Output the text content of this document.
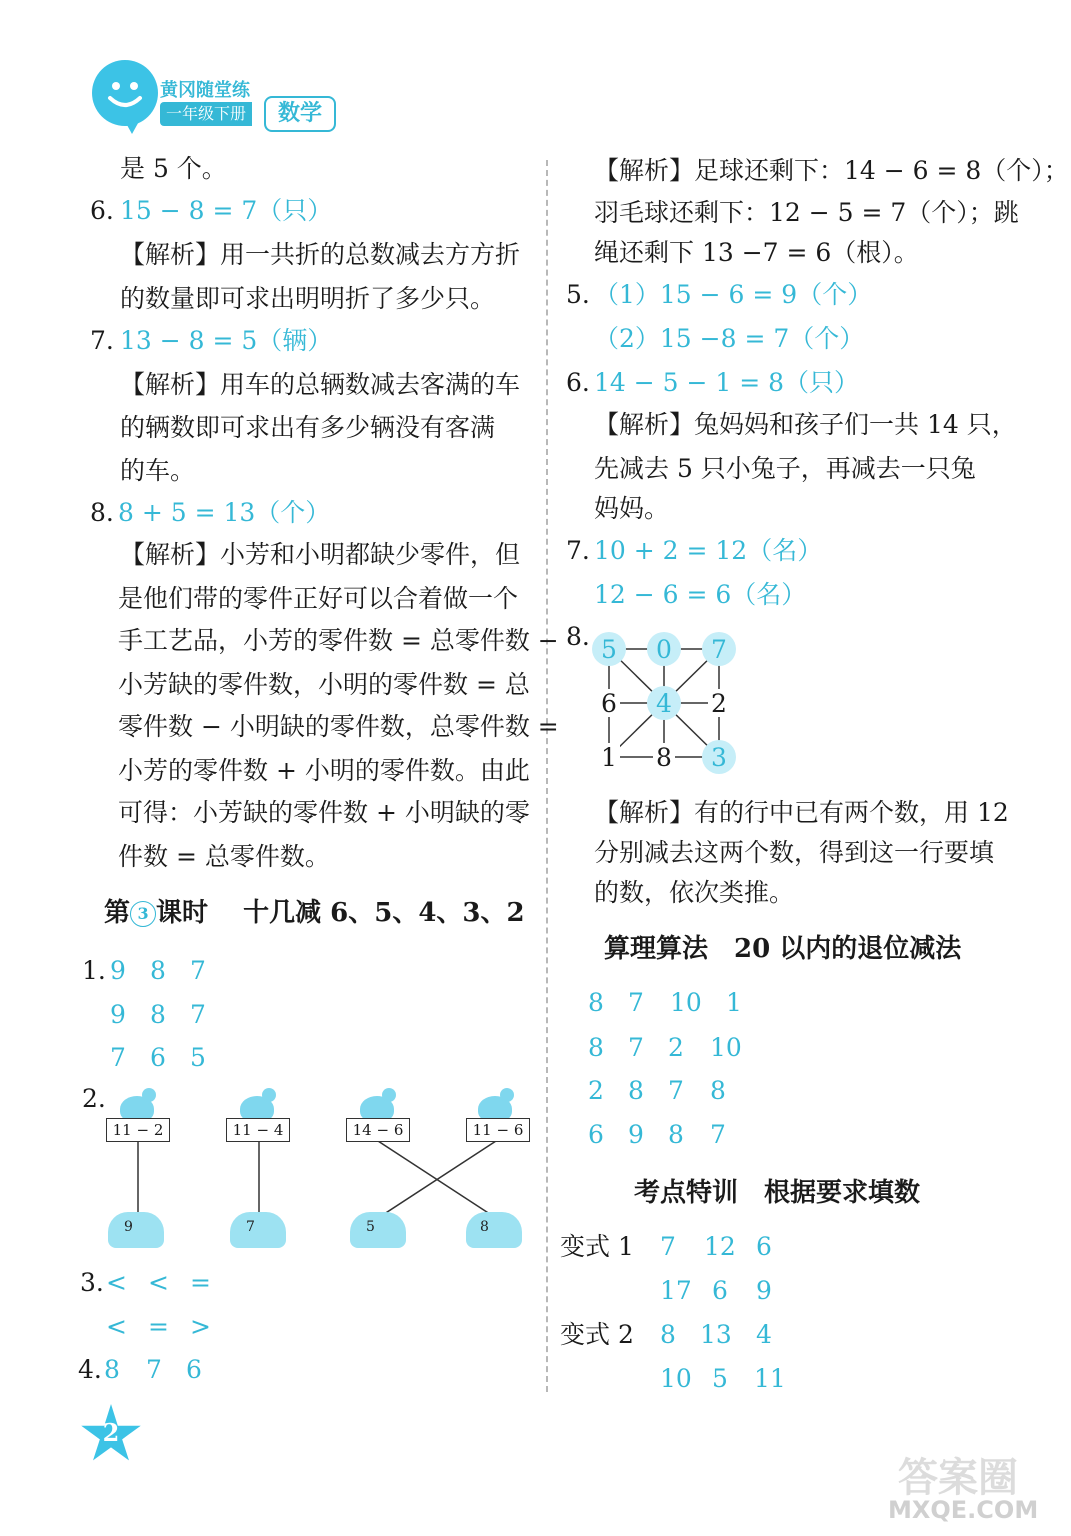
黄冈随堂练
一年级下册	数学
是 5 个。
6. 15 − 8 = 7（只）
【解析】用一共折的总数减去方方折
的数量即可求出明明折了多少只。
7. 13 − 8 = 5（辆）
【解析】用车的总辆数减去客满的车
的辆数即可求出有多少辆没有客满
的车。
8. 8 + 5 = 13（个）
【解析】小芳和小明都缺少零件，但
是他们带的零件正好可以合着做一个
手工艺品，小芳的零件数 = 总零件数 −
小芳缺的零件数，小明的零件数 = 总
零件数 − 小明缺的零件数，总零件数 =
小芳的零件数 + 小明的零件数。由此
可得：小芳缺的零件数 + 小明缺的零
件数 = 总零件数。
第 3 课时 十几减 6、5、4、3、2
1. 9 8 7
9 8 7
7 6 5
2.
11 − 2	11 − 4	14 − 6	11 − 6
9	7	5	8
3. < < =
< = >
4. 8 7 6
【解析】足球还剩下：14 − 6 = 8（个）；
羽毛球还剩下：12 − 5 = 7（个）；跳
绳还剩下 13 −7 = 6（根）。
5. （1）15 − 6 = 9（个）
（2）15 −8 = 7（个）
6. 14 − 5 − 1 = 8（只）
【解析】兔妈妈和孩子们一共 14 只，
先减去 5 只小兔子，再减去一只兔
妈妈。
7. 10 + 2 = 12（名）
12 − 6 = 6（名）
8. 5 0 7
6 4 2
1 8 3
【解析】有的行中已有两个数，用 12
分别减去这两个数，得到这一行要填
的数，依次类推。
算理算法　20 以内的退位减法
8 7 10 1
8 7 2 10
2 8 7 8
6 9 8 7
考点特训　根据要求填数
变式 1 7 12 6
17 6 9
变式 2 8 13 4
10 5 11
2
答案圈
MXQE.COM
